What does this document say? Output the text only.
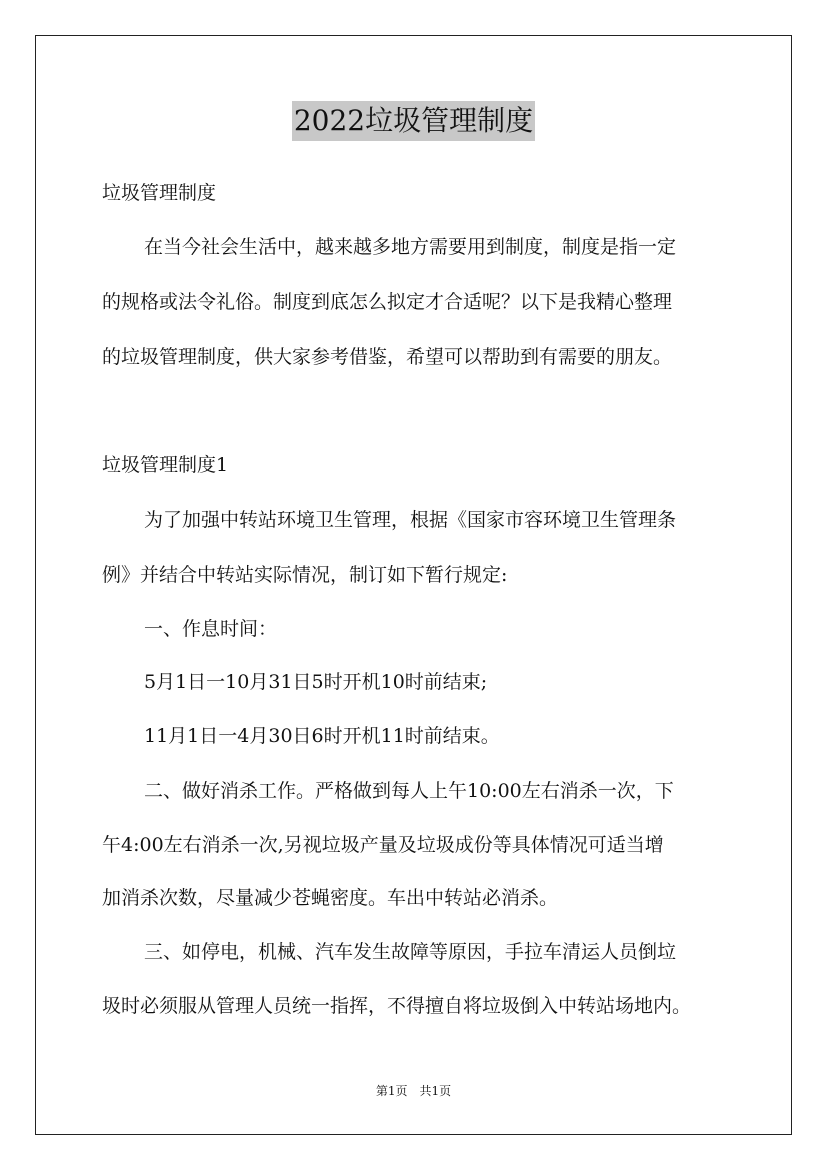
2022垃圾管理制度
垃圾管理制度
在当今社会生活中，越来越多地方需要用到制度，制度是指一定
的规格或法令礼俗。制度到底怎么拟定才合适呢？以下是我精心整理
的垃圾管理制度，供大家参考借鉴，希望可以帮助到有需要的朋友。
垃圾管理制度1
为了加强中转站环境卫生管理，根据《国家市容环境卫生管理条
例》并结合中转站实际情况，制订如下暂行规定:
一、作息时间：
5月1日一10月31日5时开机10时前结束;
11月1日一4月30日6时开机11时前结束。
二、做好消杀工作。严格做到每人上午10:00左右消杀一次，下
午4:00左右消杀一次,另视垃圾产量及垃圾成份等具体情况可适当增
加消杀次数，尽量减少苍蝇密度。车出中转站必消杀。
三、如停电，机械、汽车发生故障等原因，手拉车清运人员倒垃
圾时必须服从管理人员统一指挥，不得擅自将垃圾倒入中转站场地内。
第1页 共1页
